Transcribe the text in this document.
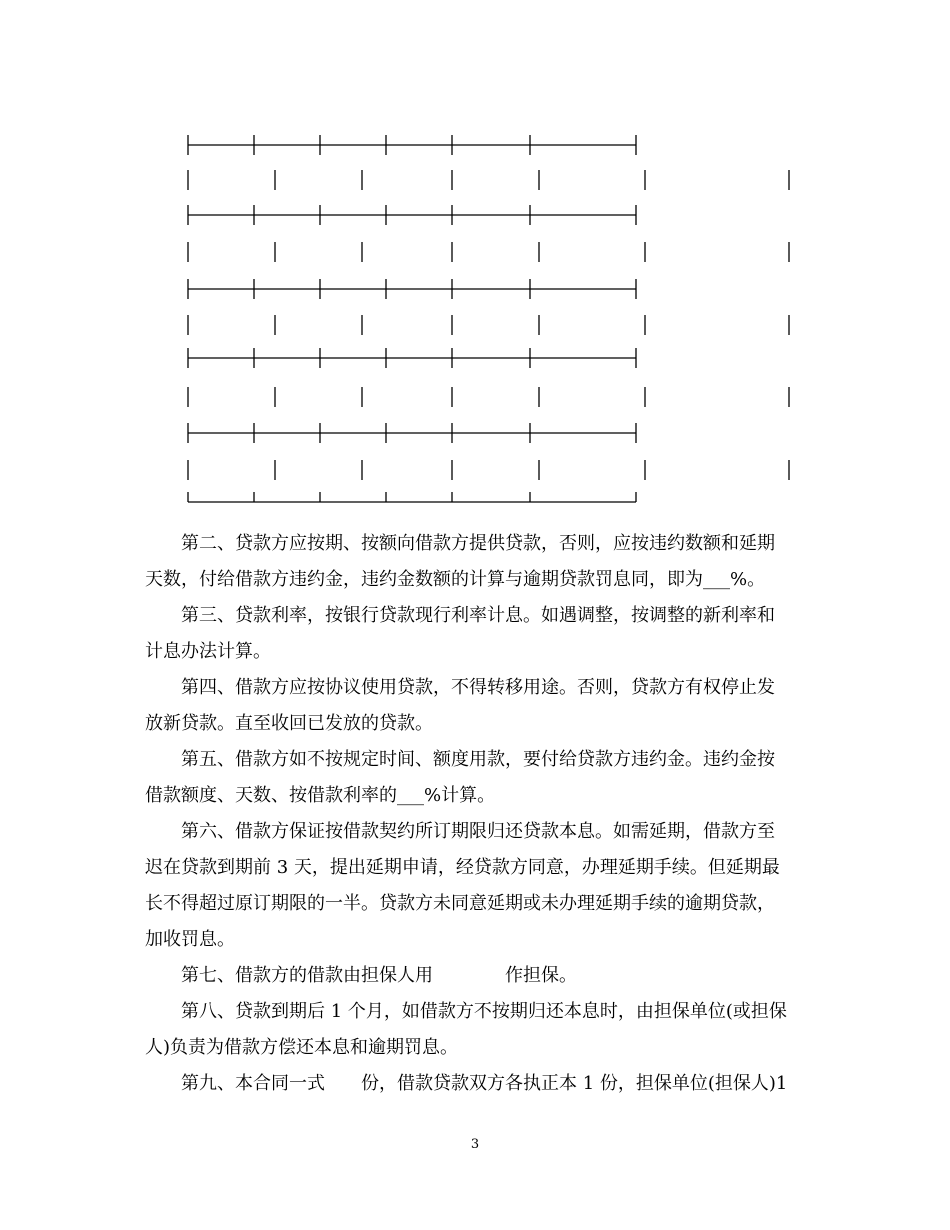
　　第二、贷款方应按期、按额向借款方提供贷款，否则，应按违约数额和延期
天数，付给借款方违约金，违约金数额的计算与逾期贷款罚息同，即为___%。

　　第三、贷款利率，按银行贷款现行利率计息。如遇调整，按调整的新利率和
计息办法计算。

　　第四、借款方应按协议使用贷款，不得转移用途。否则，贷款方有权停止发
放新贷款。直至收回已发放的贷款。

　　第五、借款方如不按规定时间、额度用款，要付给贷款方违约金。违约金按
借款额度、天数、按借款利率的___%计算。

　　第六、借款方保证按借款契约所订期限归还贷款本息。如需延期，借款方至
迟在贷款到期前 3 天，提出延期申请，经贷款方同意，办理延期手续。但延期最
长不得超过原订期限的一半。贷款方未同意延期或未办理延期手续的逾期贷款，
加收罚息。

　　第七、借款方的借款由担保人用　　　　作担保。

　　第八、贷款到期后 1 个月，如借款方不按期归还本息时，由担保单位(或担保
人)负责为借款方偿还本息和逾期罚息。

　　第九、本合同一式　　份，借款贷款双方各执正本 1 份，担保单位(担保人)1

3
